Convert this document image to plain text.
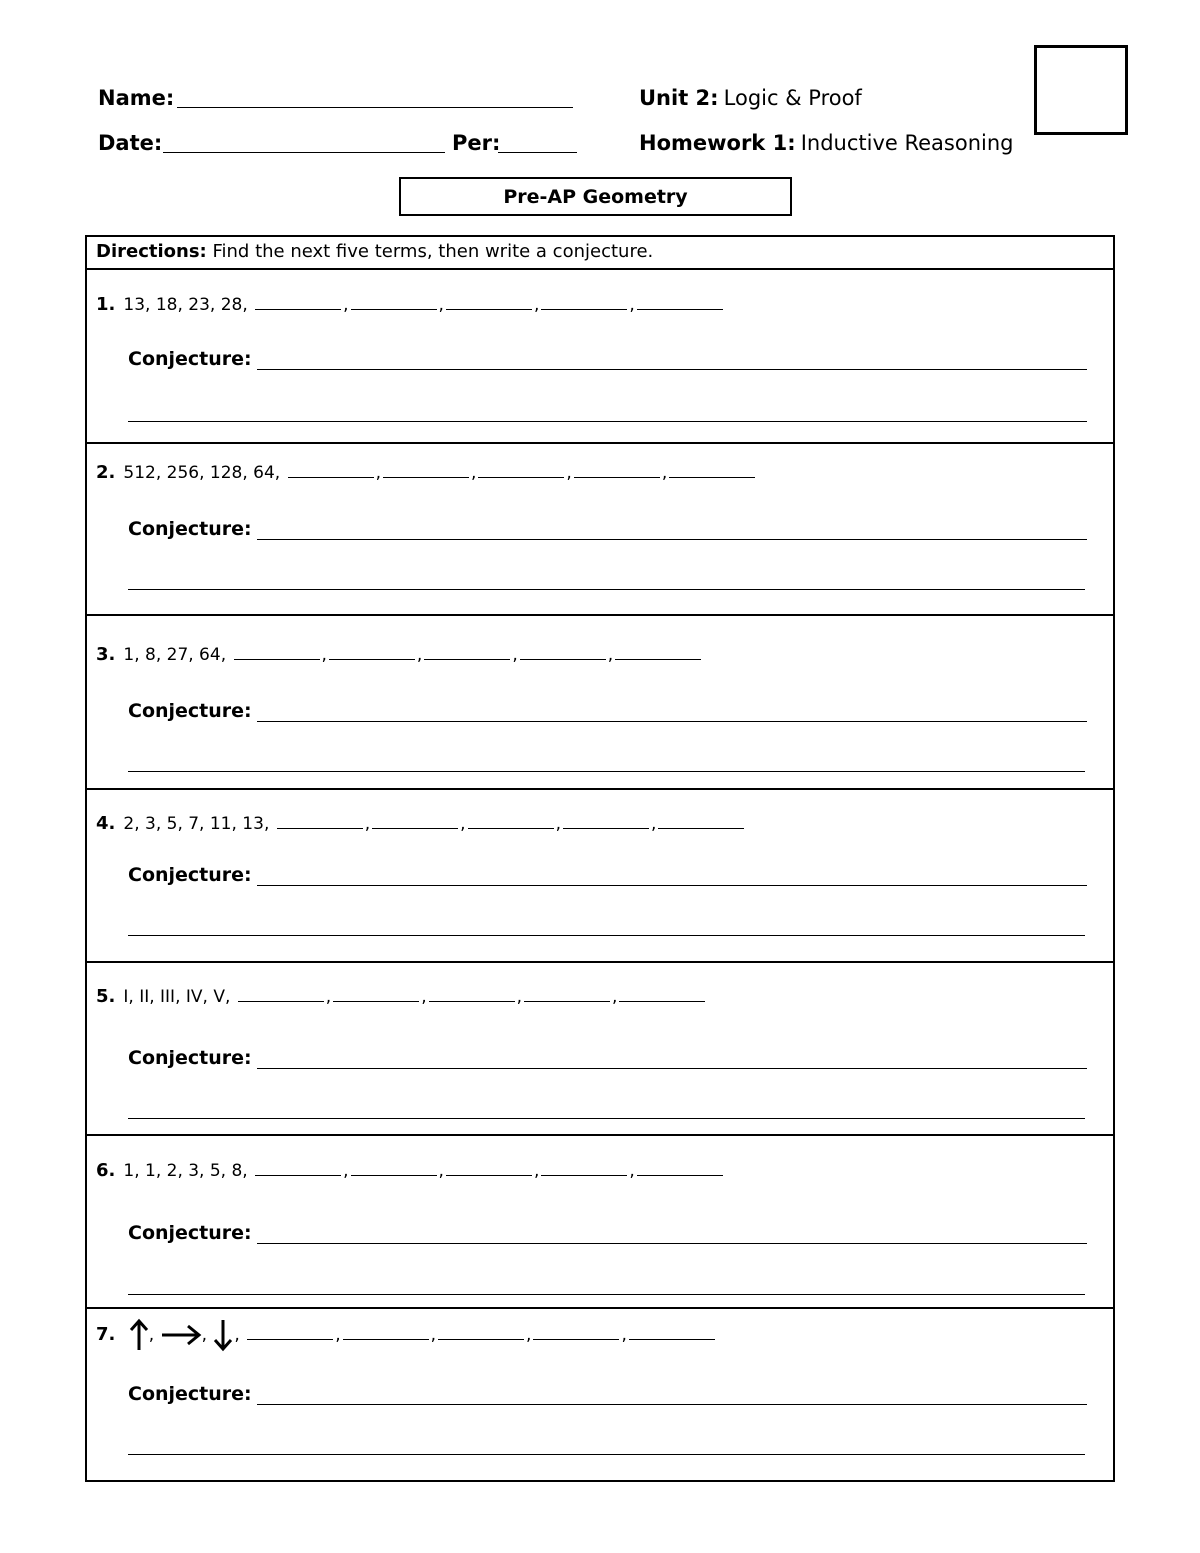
Name:
Date:	Per:
Unit 2: Logic & Proof
Homework 1: Inductive Reasoning
Pre-AP Geometry
Directions: Find the next five terms, then write a conjecture.
1. 13, 18, 23, 28,	,	,	,	,
Conjecture:
2. 512, 256, 128, 64,	,	,	,	,
Conjecture:
3. 1, 8, 27, 64,	,	,	,	,
Conjecture:
4. 2, 3, 5, 7, 11, 13,	,	,	,	,
Conjecture:
5. I, II, III, IV, V,	,	,	,	,
Conjecture:
6. 1, 1, 2, 3, 5, 8,	,	,	,	,
Conjecture:
7. , , ,	,	,	,	,
Conjecture:
